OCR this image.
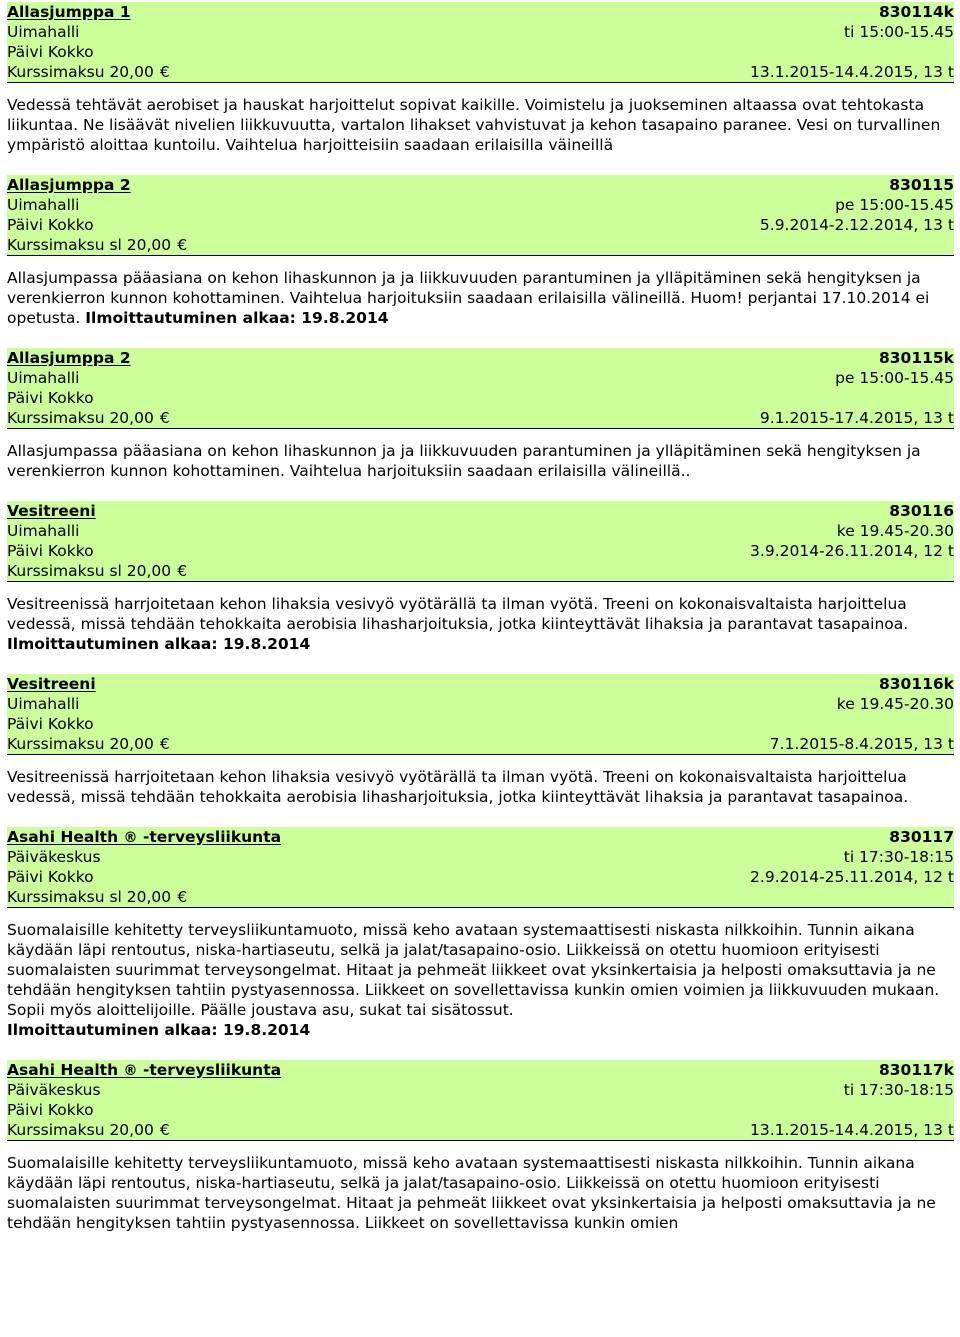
Allasjumppa 1	830114k
Uimahalli	ti 15:00-15.45
Päivi Kokko
Kurssimaksu 20,00 €	13.1.2015-14.4.2015, 13 t

Vedessä tehtävät aerobiset ja hauskat harjoittelut sopivat kaikille. Voimistelu ja juokseminen altaassa ovat tehtokasta liikuntaa. Ne lisäävät nivelien liikkuvuutta, vartalon lihakset vahvistuvat ja kehon tasapaino paranee. Vesi on turvallinen ympäristö aloittaa kuntoilu. Vaihtelua harjoitteisiin saadaan erilaisilla väineillä

Allasjumppa 2	830115
Uimahalli	pe 15:00-15.45
Päivi Kokko	5.9.2014-2.12.2014, 13 t
Kurssimaksu sl 20,00 €

Allasjumpassa pääasiana on kehon lihaskunnon ja ja liikkuvuuden parantuminen ja ylläpitäminen sekä hengityksen ja verenkierron kunnon kohottaminen. Vaihtelua harjoituksiin saadaan erilaisilla välineillä. Huom! perjantai 17.10.2014 ei opetusta. Ilmoittautuminen alkaa: 19.8.2014

Allasjumppa 2	830115k
Uimahalli	pe 15:00-15.45
Päivi Kokko
Kurssimaksu 20,00 €	9.1.2015-17.4.2015, 13 t

Allasjumpassa pääasiana on kehon lihaskunnon ja ja liikkuvuuden parantuminen ja ylläpitäminen sekä hengityksen ja verenkierron kunnon kohottaminen. Vaihtelua harjoituksiin saadaan erilaisilla välineillä..

Vesitreeni	830116
Uimahalli	ke 19.45-20.30
Päivi Kokko	3.9.2014-26.11.2014, 12 t
Kurssimaksu sl 20,00 €

Vesitreenissä harrjoitetaan kehon lihaksia vesivyö vyötärällä ta ilman vyötä. Treeni on kokonaisvaltaista harjoittelua vedessä, missä tehdään tehokkaita aerobisia lihasharjoituksia, jotka kiinteyttävät lihaksia ja parantavat tasapainoa. Ilmoittautuminen alkaa: 19.8.2014

Vesitreeni	830116k
Uimahalli	ke 19.45-20.30
Päivi Kokko
Kurssimaksu 20,00 €	7.1.2015-8.4.2015, 13 t

Vesitreenissä harrjoitetaan kehon lihaksia vesivyö vyötärällä ta ilman vyötä. Treeni on kokonaisvaltaista harjoittelua vedessä, missä tehdään tehokkaita aerobisia lihasharjoituksia, jotka kiinteyttävät lihaksia ja parantavat tasapainoa.

Asahi Health ® -terveysliikunta	830117
Päiväkeskus	ti 17:30-18:15
Päivi Kokko	2.9.2014-25.11.2014, 12 t
Kurssimaksu sl 20,00 €

Suomalaisille kehitetty terveysliikuntamuoto, missä keho avataan systemaattisesti niskasta nilkkoihin. Tunnin aikana käydään läpi rentoutus, niska-hartiaseutu, selkä ja jalat/tasapaino-osio. Liikkeissä on otettu huomioon erityisesti suomalaisten suurimmat terveysongelmat. Hitaat ja pehmeät liikkeet ovat yksinkertaisia ja helposti omaksuttavia ja ne tehdään hengityksen tahtiin pystyasennossa. Liikkeet on sovellettavissa kunkin omien voimien ja liikkuvuuden mukaan. Sopii myös aloittelijoille. Päälle joustava asu, sukat tai sisätossut.

Ilmoittautuminen alkaa: 19.8.2014

Asahi Health ® -terveysliikunta	830117k
Päiväkeskus	ti 17:30-18:15
Päivi Kokko
Kurssimaksu 20,00 €	13.1.2015-14.4.2015, 13 t

Suomalaisille kehitetty terveysliikuntamuoto, missä keho avataan systemaattisesti niskasta nilkkoihin. Tunnin aikana käydään läpi rentoutus, niska-hartiaseutu, selkä ja jalat/tasapaino-osio. Liikkeissä on otettu huomioon erityisesti suomalaisten suurimmat terveysongelmat. Hitaat ja pehmeät liikkeet ovat yksinkertaisia ja helposti omaksuttavia ja ne tehdään hengityksen tahtiin pystyasennossa. Liikkeet on sovellettavissa kunkin omien
